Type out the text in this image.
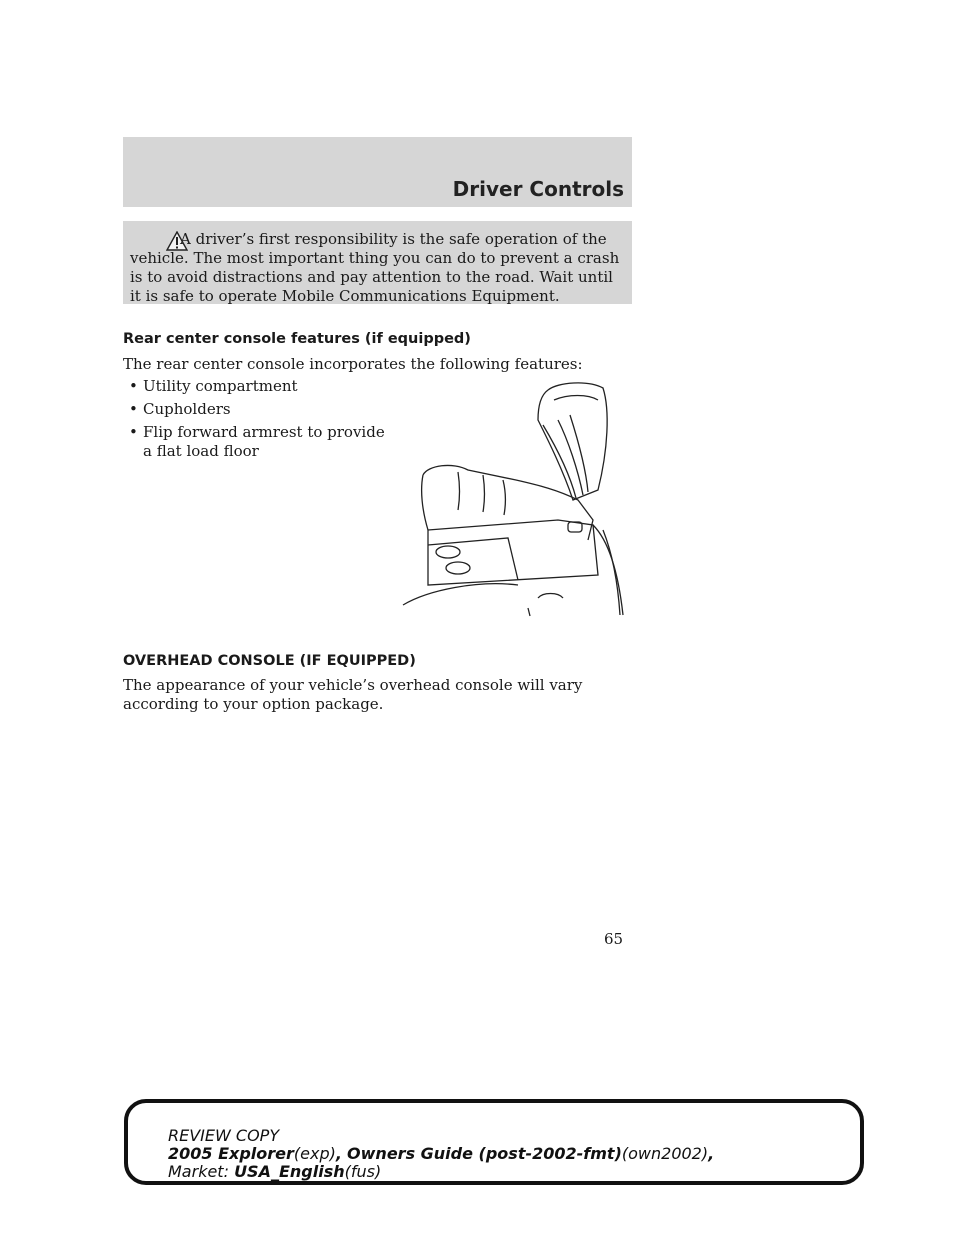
Driver Controls
A driver’s first responsibility is the safe operation of the vehicle. The most important thing you can do to prevent a crash is to avoid distractions and pay attention to the road. Wait until it is safe to operate Mobile Communications Equipment.
Rear center console features (if equipped)
The rear center console incorporates the following features:
• Utility compartment
• Cupholders
• Flip forward armrest to provide a flat load floor
OVERHEAD CONSOLE (IF EQUIPPED)
The appearance of your vehicle’s overhead console will vary according to your option package.
65
REVIEW COPY
2005 Explorer(exp), Owners Guide (post-2002-fmt)(own2002),
Market: USA_English(fus)
